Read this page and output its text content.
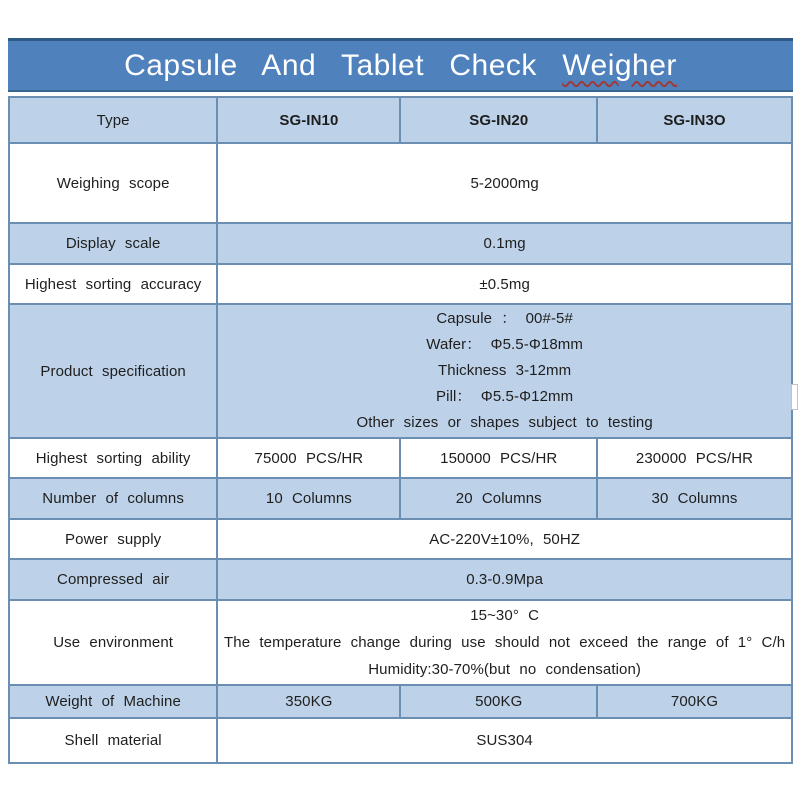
Capsule And Tablet Check Weigher
Type	SG-IN10	SG-IN20	SG-IN3O
Weighing scope	5-2000mg		
Display scale	0.1mg		
Highest sorting accuracy	±0.5mg		
Product specification	Capsule ： 00#-5#
Wafer： Φ5.5-Φ18mm
Thickness 3-12mm
Pill： Φ5.5-Φ12mm
Other sizes or shapes subject to testing		

Highest sorting ability	75000 PCS/HR	150000 PCS/HR	230000 PCS/HR
Number of columns	10 Columns	20 Columns	30 Columns
Power supply	AC-220V±10%, 50HZ		
Compressed air	0.3-0.9Mpa		
Use environment	15~30° C
The temperature change during use should not exceed the range of 1° C/h
Humidity:30-70%(but no condensation)		

Weight of Machine	350KG	500KG	700KG
Shell material	SUS304		
